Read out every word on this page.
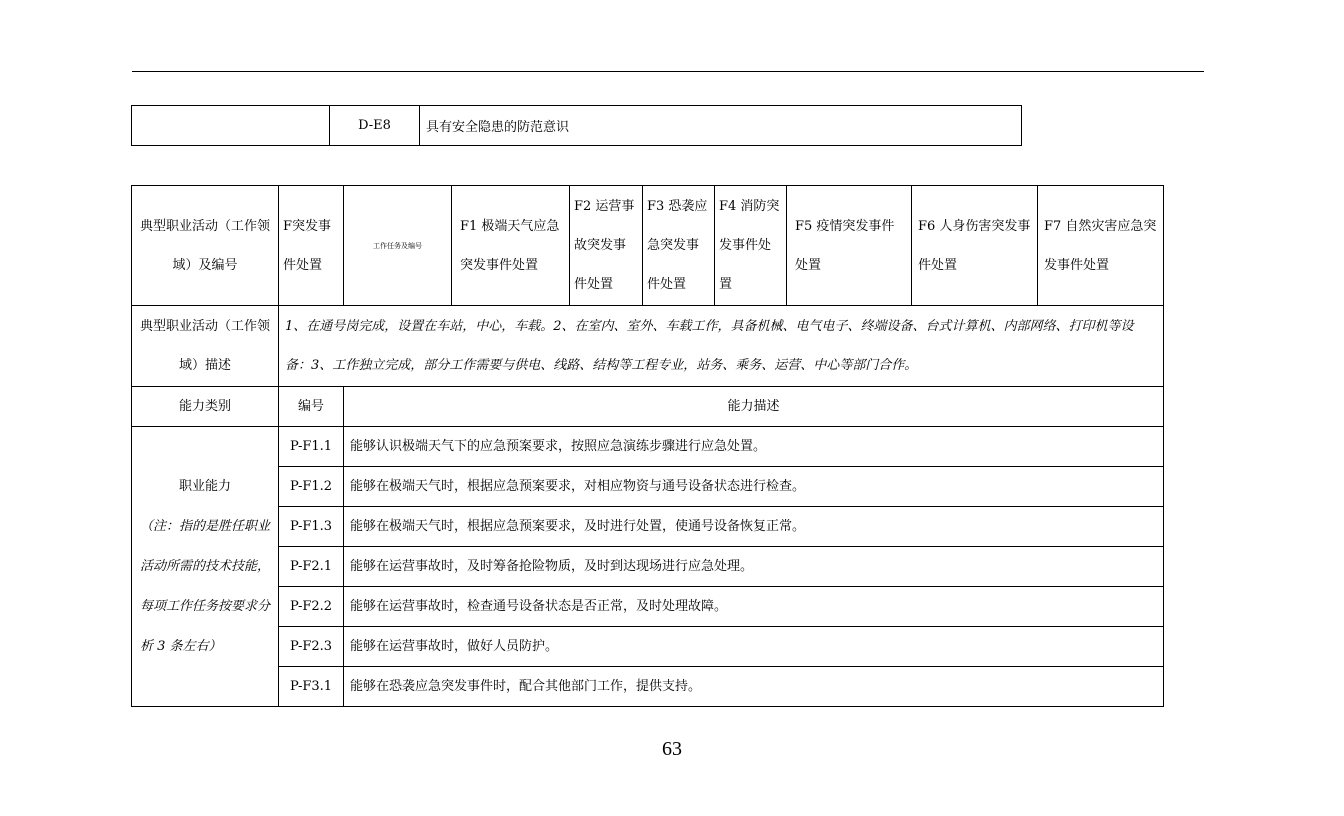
	D-E8	具有安全隐患的防范意识
典型职业活动（工作领域）及编号	F突发事件处置	工作任务及编号	F1 极端天气应急突发事件处置	F2 运营事故突发事件处置	F3 恐袭应急突发事件处置	F4 消防突发事件处置	F5 疫情突发事件处置	F6 人身伤害突发事件处置	F7 自然灾害应急突发事件处置
典型职业活动（工作领域）描述	1、在通号岗完成，设置在车站，中心，车载。2、在室内、室外、车载工作，具备机械、电气电子、终端设备、台式计算机、内部网络、打印机等设备：3、工作独立完成，部分工作需要与供电、线路、结构等工程专业，站务、乘务、运营、中心等部门合作。								
能力类别	编号	能力描述							

职业能力
（注：指的是胜任职业活动所需的技术技能，每项工作任务按要求分析 3 条左右）	P-F1.1	能够认识极端天气下的应急预案要求，按照应急演练步骤进行应急处置。							
	P-F1.2	能够在极端天气时，根据应急预案要求，对相应物资与通号设备状态进行检查。							
	P-F1.3	能够在极端天气时，根据应急预案要求，及时进行处置，使通号设备恢复正常。							
	P-F2.1	能够在运营事故时，及时筹备抢险物质，及时到达现场进行应急处理。							
	P-F2.2	能够在运营事故时，检查通号设备状态是否正常，及时处理故障。							
	P-F2.3	能够在运营事故时，做好人员防护。							
	P-F3.1	能够在恐袭应急突发事件时，配合其他部门工作，提供支持。							
63
